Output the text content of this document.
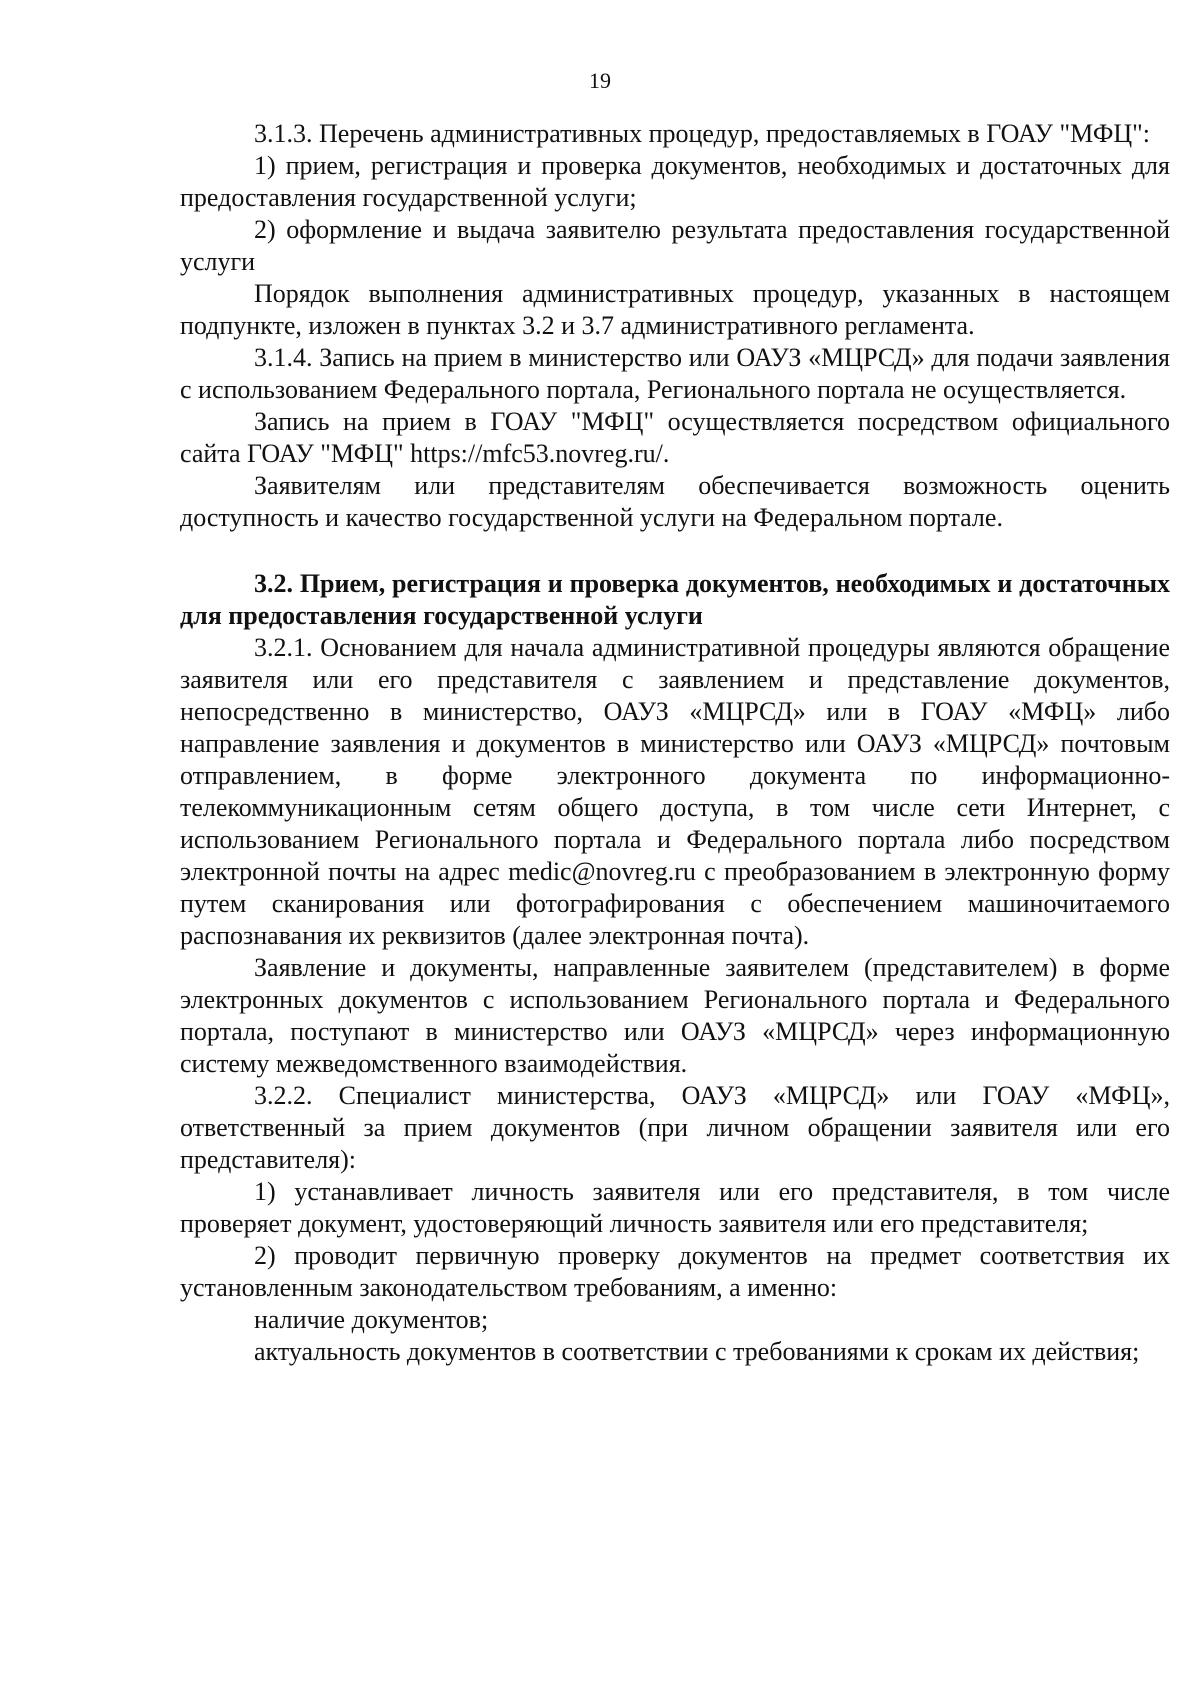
19

3.1.3. Перечень административных процедур, предоставляемых в ГОАУ "МФЦ":

1) прием, регистрация и проверка документов, необходимых и достаточных для предоставления государственной услуги;

2) оформление и выдача заявителю результата предоставления государственной услуги

Порядок выполнения административных процедур, указанных в настоящем подпункте, изложен в пунктах 3.2 и 3.7 административного регламента.

3.1.4. Запись на прием в министерство или ОАУЗ «МЦРСД» для подачи заявления с использованием Федерального портала, Регионального портала не осуществляется.

Запись на прием в ГОАУ "МФЦ" осуществляется посредством официального сайта ГОАУ "МФЦ" https://mfc53.novreg.ru/.

Заявителям или представителям обеспечивается возможность оценить доступность и качество государственной услуги на Федеральном портале.

3.2. Прием, регистрация и проверка документов, необходимых и достаточных для предоставления государственной услуги

3.2.1. Основанием для начала административной процедуры являются обращение заявителя или его представителя с заявлением и представление документов, непосредственно в министерство, ОАУЗ «МЦРСД» или в ГОАУ «МФЦ» либо направление заявления и документов в министерство или ОАУЗ «МЦРСД» почтовым отправлением, в форме электронного документа по информационно-телекоммуникационным сетям общего доступа, в том числе сети Интернет, с использованием Регионального портала и Федерального портала либо посредством электронной почты на адрес medic@novreg.ru с преобразованием в электронную форму путем сканирования или фотографирования с обеспечением машиночитаемого распознавания их реквизитов (далее электронная почта).

Заявление и документы, направленные заявителем (представителем) в форме электронных документов с использованием Регионального портала и Федерального портала, поступают в министерство или ОАУЗ «МЦРСД» через информационную систему межведомственного взаимодействия.

3.2.2. Специалист министерства, ОАУЗ «МЦРСД» или ГОАУ «МФЦ», ответственный за прием документов (при личном обращении заявителя или его представителя):

1) устанавливает личность заявителя или его представителя, в том числе проверяет документ, удостоверяющий личность заявителя или его представителя;

2) проводит первичную проверку документов на предмет соответствия их установленным законодательством требованиям, а именно:

наличие документов;

актуальность документов в соответствии с требованиями к срокам их действия;
